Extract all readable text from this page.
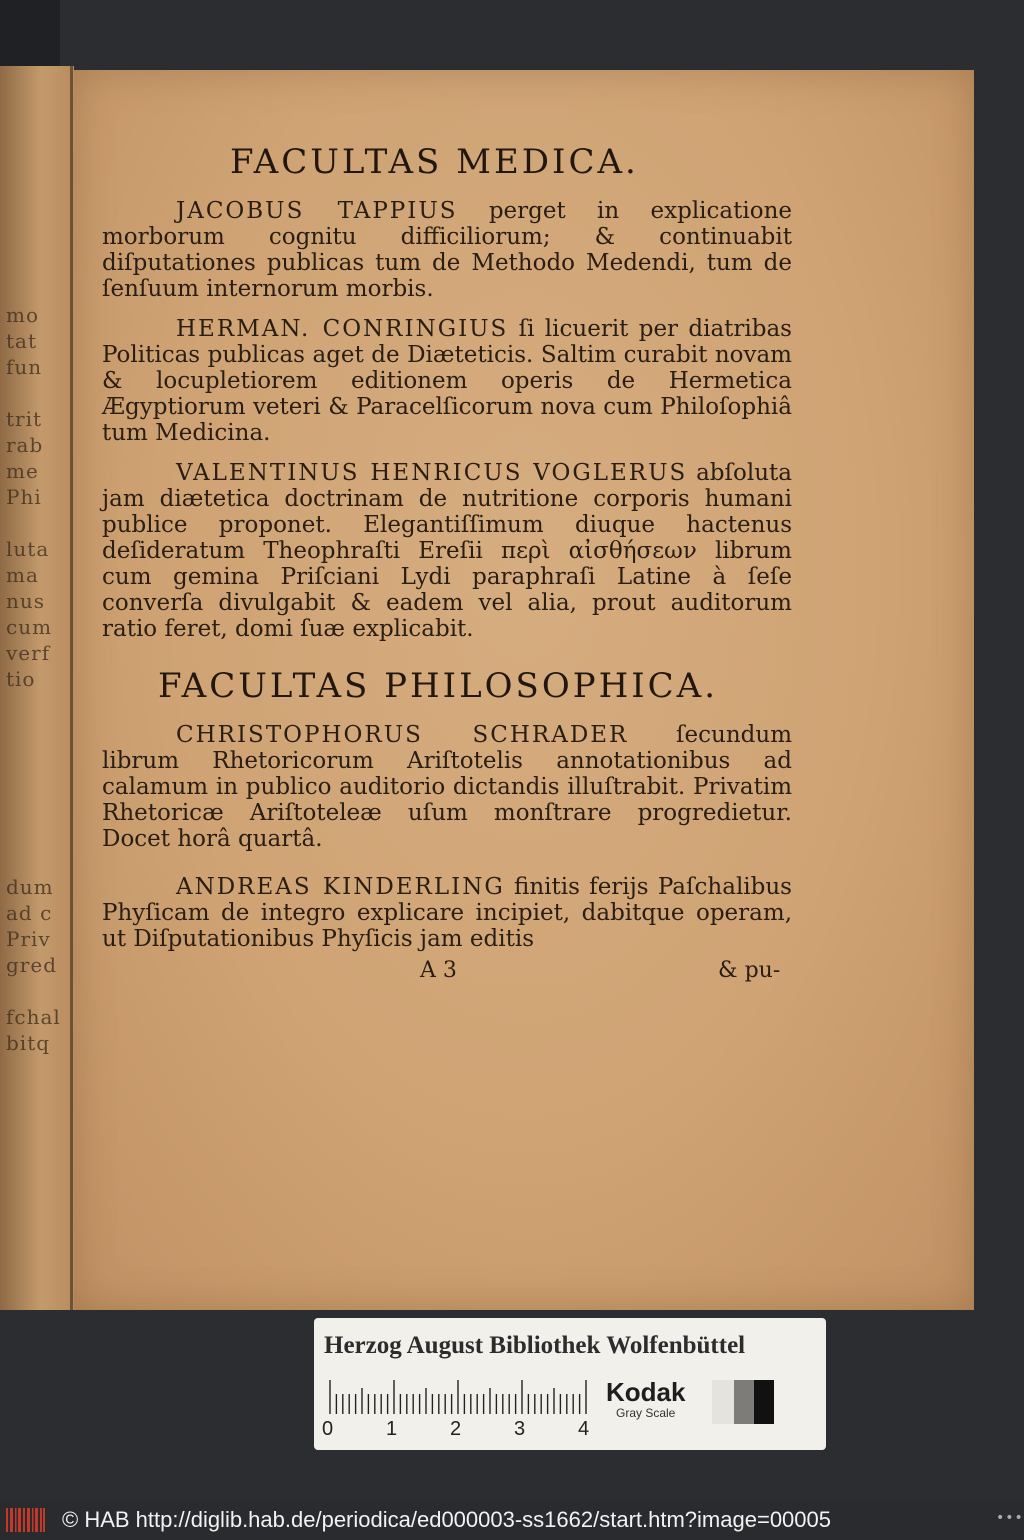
mo
tat
fun
trit
rab
me
Phi
luta
ma
nus
cum
verf
tio
dum
ad c
Priv
gred
fchal
bitq
FACULTAS MEDICA.

JACOBUS TAPPIUS perget in explicatione morborum cognitu difficiliorum; & continuabit diſputationes publicas tum de Methodo Medendi, tum de ſenſuum internorum morbis.

HERMAN. CONRINGIUS ſi licuerit per diatribas Politicas publicas aget de Diæteticis. Saltim curabit novam & locupletiorem editionem operis de Hermetica Ægyptiorum veteri & Paracelſicorum nova cum Philoſophiâ tum Medicina.

VALENTINUS HENRICUS VOGLERUS abſoluta jam diætetica doctrinam de nutritione corporis humani publice proponet. Elegantiſſimum diuque hactenus deſideratum Theophraſti Ereſii περὶ αἰσθήσεων librum cum gemina Priſciani Lydi paraphraſi Latine à ſeſe converſa divulgabit & eadem vel alia, prout auditorum ratio feret, domi ſuæ explicabit.

FACULTAS PHILOSOPHICA.

CHRISTOPHORUS SCHRADER ſecundum librum Rhetoricorum Ariſtotelis annotationibus ad calamum in publico auditorio dictandis illuſtrabit. Privatim Rhetoricæ Ariſtoteleæ uſum monſtrare progredietur. Docet horâ quartâ.

ANDREAS KINDERLING finitis ferijs Paſchalibus Phyſicam de integro explicare incipiet, dabitque operam, ut Diſputationibus Phyſicis jam editis

A 3	& pu-
Herzog August Bibliothek Wolfenbüttel
0	1	2	3	4
Kodak
Gray Scale
© HAB http://diglib.hab.de/periodica/ed000003-ss1662/start.htm?image=00005	•••
